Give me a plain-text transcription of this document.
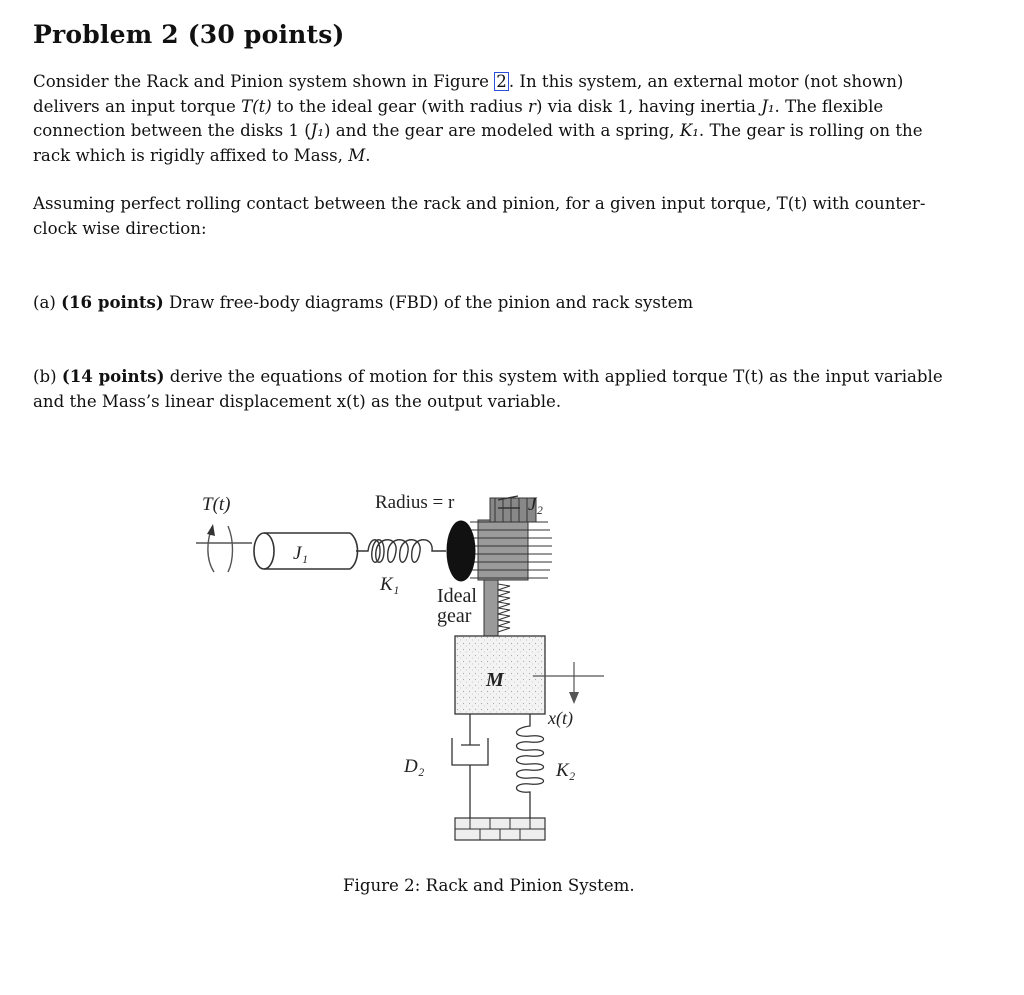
Problem 2 (30 points)
Consider the Rack and Pinion system shown in Figure 2 . In this system, an external motor (not shown)
delivers an input torque T(t) to the ideal gear (with radius r) via disk 1, having inertia J₁. The flexible
connection between the disks 1 (J₁) and the gear are modeled with a spring, K₁. The gear is rolling on the
rack which is rigidly affixed to Mass, M.
Assuming perfect rolling contact between the rack and pinion, for a given input torque, T(t) with counter-
clock wise direction:
(a) (16 points) Draw free-body diagrams (FBD) of the pinion and rack system
(b) (14 points) derive the equations of motion for this system with applied torque T(t) as the input variable
and the Mass’s linear displacement x(t) as the output variable.
T(t)
J₁
K₁
Radius = r	J₂
Ideal
gear
M
x(t)
D₂	K₂
Figure 2: Rack and Pinion System.
